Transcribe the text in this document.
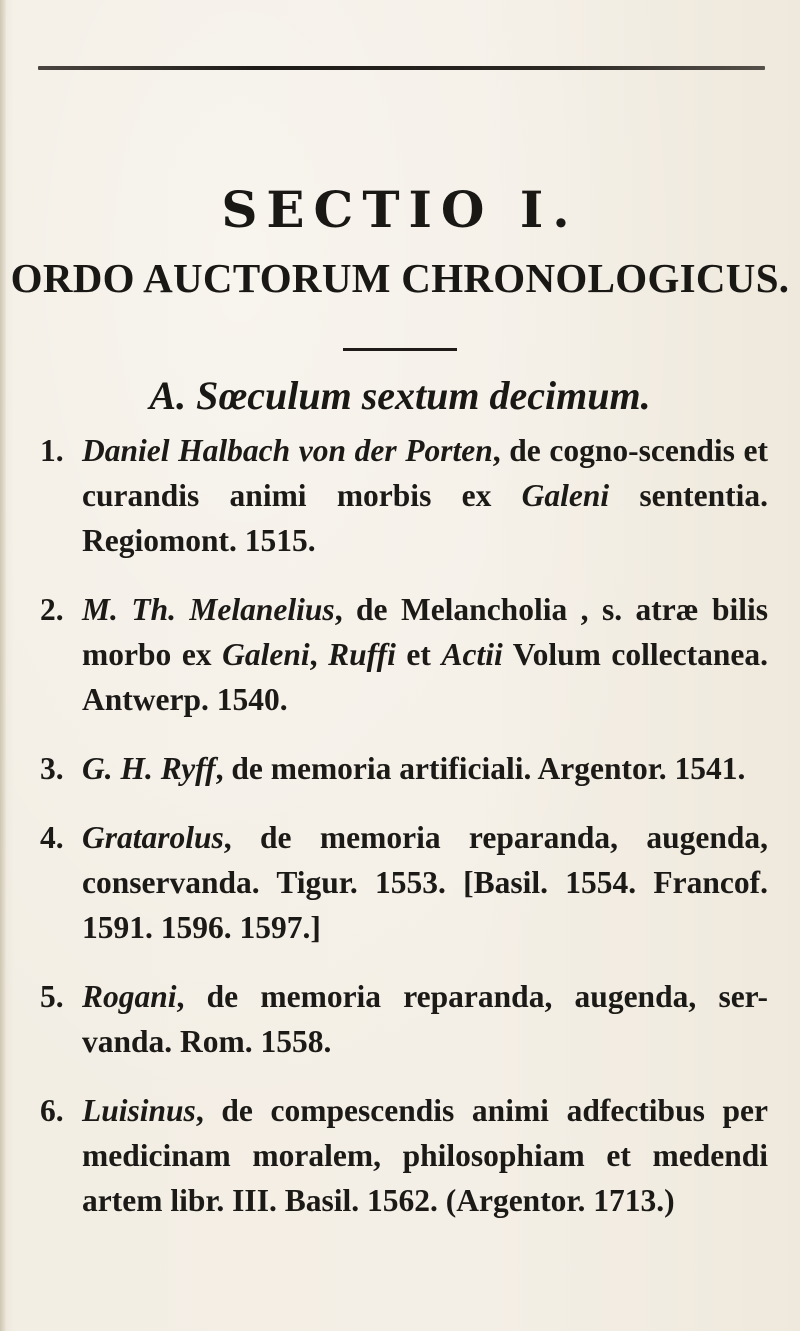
SECTIO I.
ORDO AUCTORUM CHRONOLOGICUS.
A. Sœculum sextum decimum.
1. Daniel Halbach von der Porten, de cogno-scendis et curandis animi morbis ex Galeni sententia. Regiomont. 1515.
2. M. Th. Melanelius, de Melancholia , s. atræ bilis morbo ex Galeni, Ruffi et Actii Volum collectanea. Antwerp. 1540.
3. G. H. Ryff, de memoria artificiali. Argentor. 1541.
4. Gratarolus, de memoria reparanda, augenda, conservanda. Tigur. 1553. [Basil. 1554. Francof. 1591. 1596. 1597.]
5. Rogani, de memoria reparanda, augenda, ser-vanda. Rom. 1558.
6. Luisinus, de compescendis animi adfectibus per medicinam moralem, philosophiam et medendi artem libr. III. Basil. 1562. (Argentor. 1713.)
